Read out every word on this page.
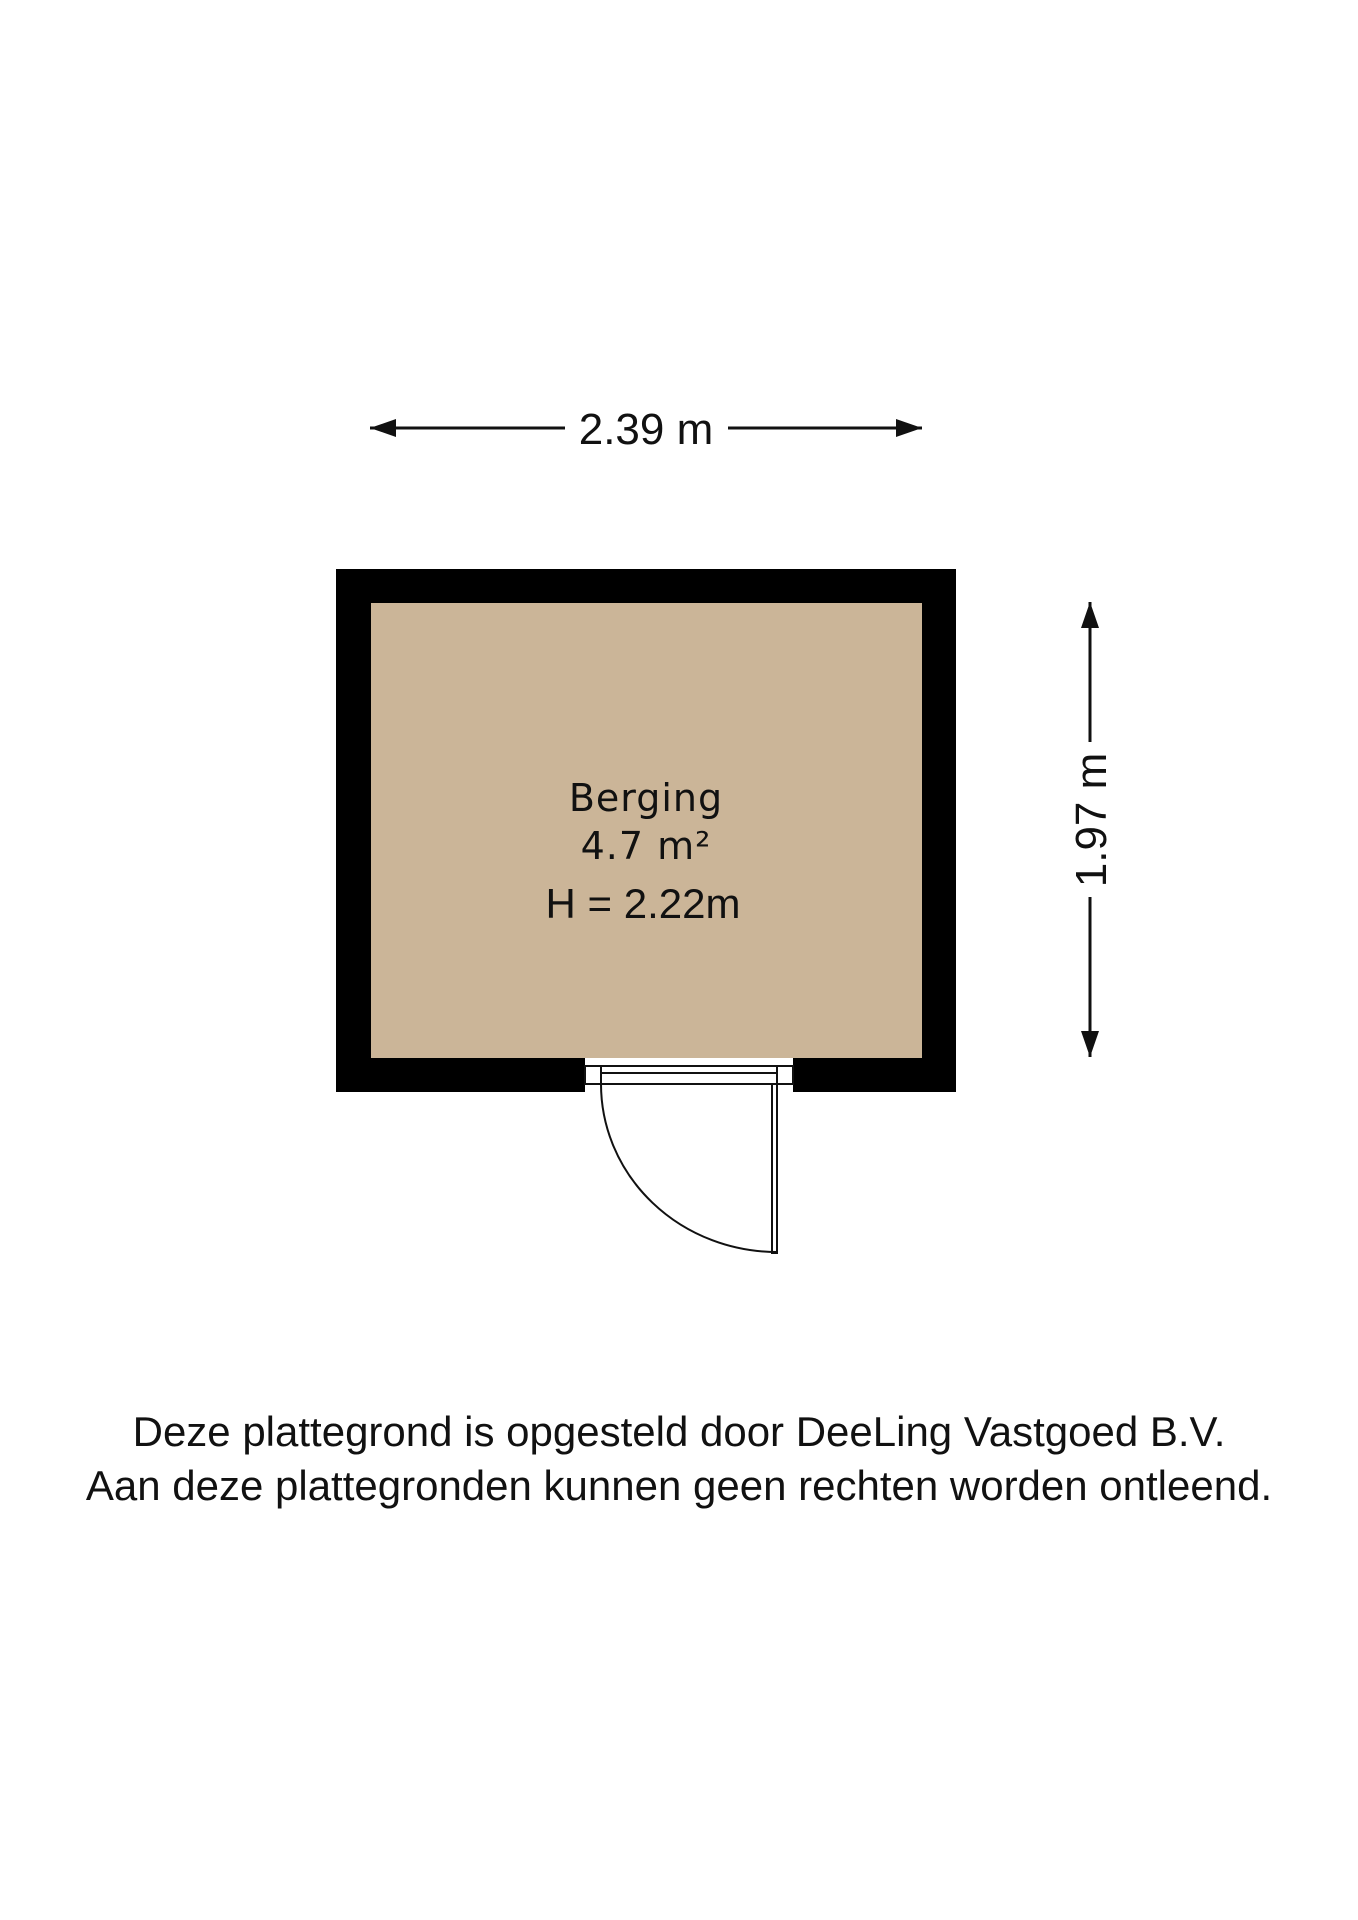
2.39 m
1.97 m
Berging
4.7 m²
H = 2.22m
Deze plattegrond is opgesteld door DeeLing Vastgoed B.V.
Aan deze plattegronden kunnen geen rechten worden ontleend.
